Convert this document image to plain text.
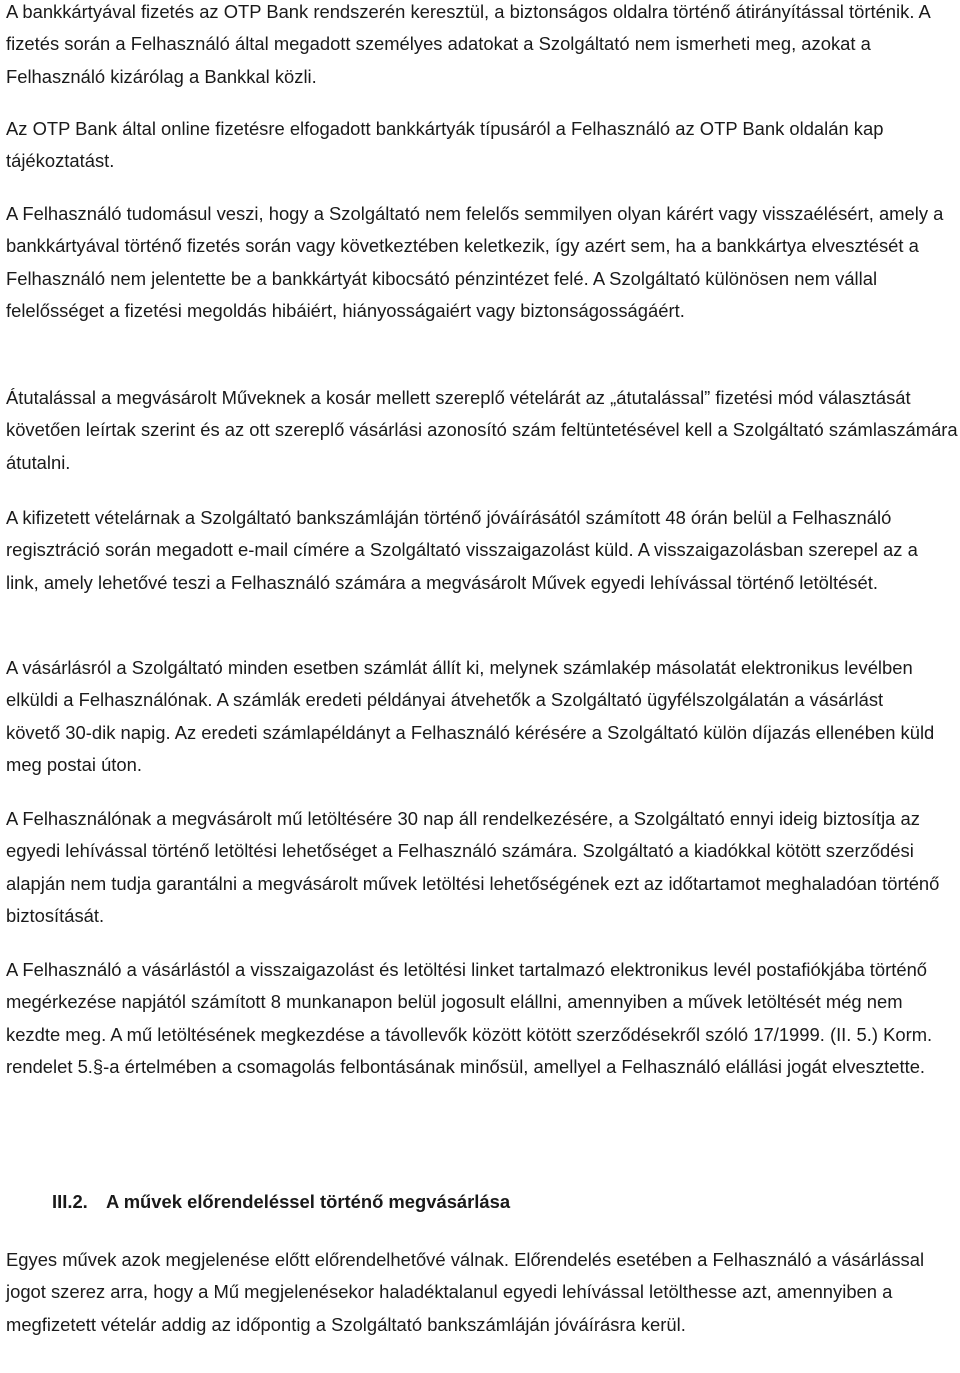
A bankkártyával fizetés az OTP Bank rendszerén keresztül, a biztonságos oldalra történő átirányítással történik. A fizetés során a Felhasználó által megadott személyes adatokat a Szolgáltató nem ismerheti meg, azokat a Felhasználó kizárólag a Bankkal közli.

Az OTP Bank által online fizetésre elfogadott bankkártyák típusáról a Felhasználó az OTP Bank oldalán kap tájékoztatást.

A Felhasználó tudomásul veszi, hogy a Szolgáltató nem felelős semmilyen olyan kárért vagy visszaélésért, amely a bankkártyával történő fizetés során vagy következtében keletkezik, így azért sem, ha a bankkártya elvesztését a Felhasználó nem jelentette be a bankkártyát kibocsátó pénzintézet felé. A Szolgáltató különösen nem vállal felelősséget a fizetési megoldás hibáiért, hiányosságaiért vagy biztonságosságáért.

Átutalással a megvásárolt Műveknek a kosár mellett szereplő vételárát az „átutalással” fizetési mód választását követően leírtak szerint és az ott szereplő vásárlási azonosító szám feltüntetésével kell a Szolgáltató számlaszámára átutalni.

A kifizetett vételárnak a Szolgáltató bankszámláján történő jóváírásától számított 48 órán belül a Felhasználó regisztráció során megadott e-mail címére a Szolgáltató visszaigazolást küld. A visszaigazolásban szerepel az a link, amely lehetővé teszi a Felhasználó számára a megvásárolt Művek egyedi lehívással történő letöltését.

A vásárlásról a Szolgáltató minden esetben számlát állít ki, melynek számlakép másolatát elektronikus levélben elküldi a Felhasználónak. A számlák eredeti példányai átvehetők a Szolgáltató ügyfélszolgálatán a vásárlást követő 30-dik napig. Az eredeti számlapéldányt a Felhasználó kérésére a Szolgáltató külön díjazás ellenében küld meg postai úton.

A Felhasználónak a megvásárolt mű letöltésére 30 nap áll rendelkezésére, a Szolgáltató ennyi ideig biztosítja az egyedi lehívással történő letöltési lehetőséget a Felhasználó számára. Szolgáltató a kiadókkal kötött szerződési alapján nem tudja garantálni a megvásárolt művek letöltési lehetőségének ezt az időtartamot meghaladóan történő biztosítását.

A Felhasználó a vásárlástól a visszaigazolást és letöltési linket tartalmazó elektronikus levél postafiókjába történő megérkezése napjától számított 8 munkanapon belül jogosult elállni, amennyiben a művek letöltését még nem kezdte meg. A mű letöltésének megkezdése a távollevők között kötött szerződésekről szóló 17/1999. (II. 5.) Korm. rendelet 5.§-a értelmében a csomagolás felbontásának minősül, amellyel a Felhasználó elállási jogát elvesztette.

III.2. A művek előrendeléssel történő megvásárlása

Egyes művek azok megjelenése előtt előrendelhetővé válnak. Előrendelés esetében a Felhasználó a vásárlással jogot szerez arra, hogy a Mű megjelenésekor haladéktalanul egyedi lehívással letölthesse azt, amennyiben a megfizetett vételár addig az időpontig a Szolgáltató bankszámláján jóváírásra kerül.
